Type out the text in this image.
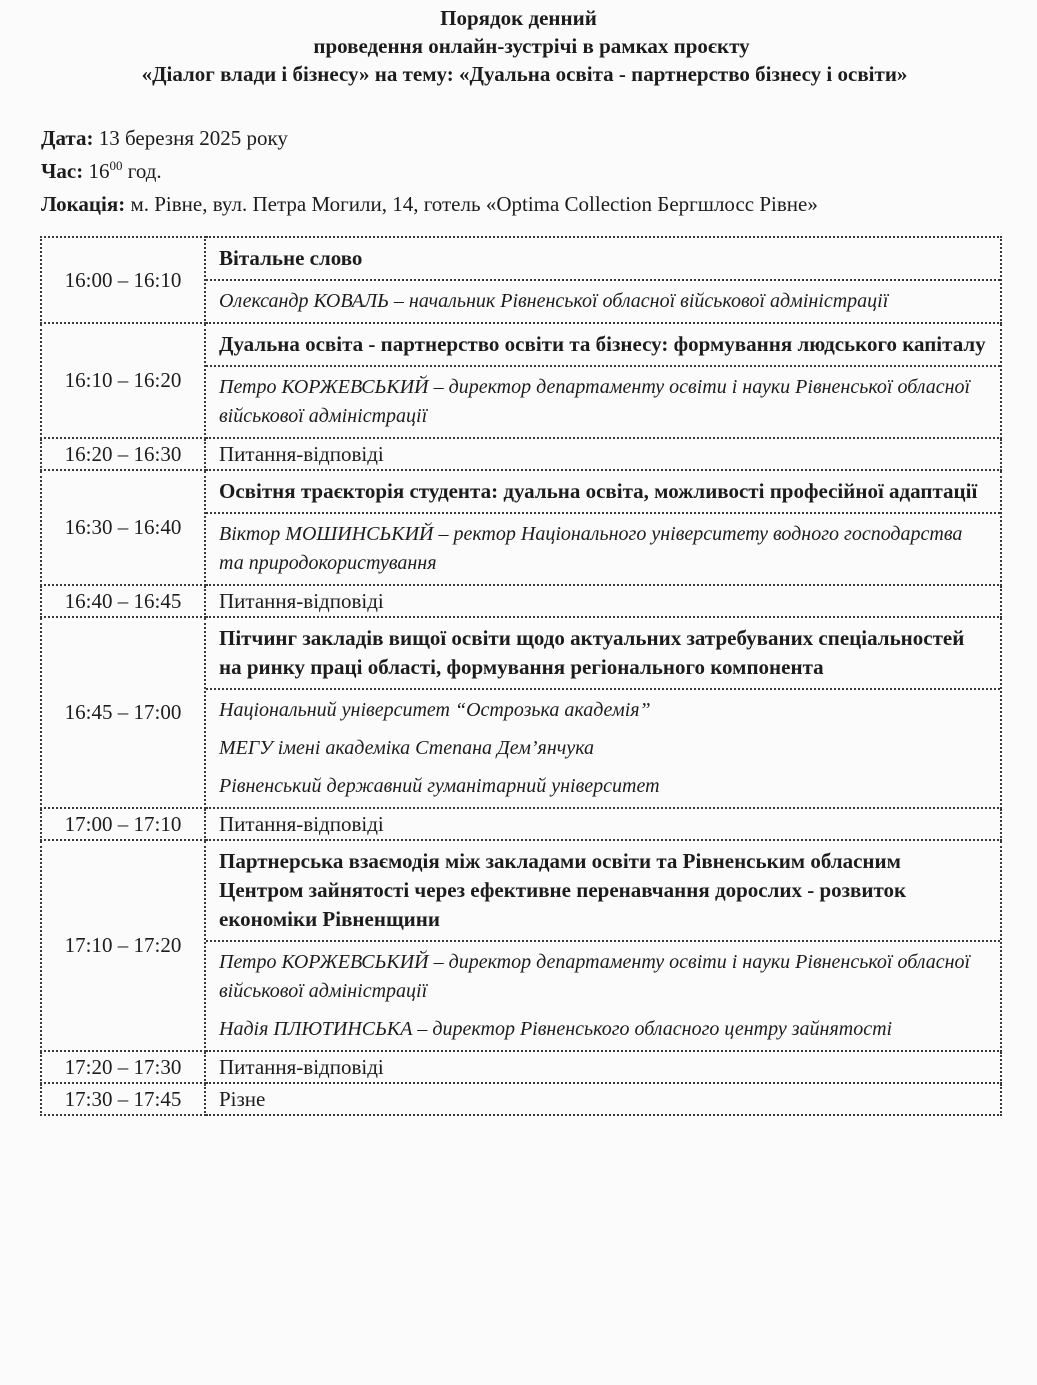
Порядок денний
проведення онлайн-зустрічі в рамках проєкту
«Діалог влади і бізнесу» на тему: «Дуальна освіта - партнерство бізнесу і освіти»
Дата: 13 березня 2025 року
Час: $16^{00}$ год.
Локація: м. Рівне, вул. Петра Могили, 14, готель «Optima Collection Бергшлосс Рівне»
16:00 – 16:10	Вітальне слово
Олександр КОВАЛЬ – начальник Рівненської обласної військової адміністрації

16:10 – 16:20	Дуальна освіта - партнерство освіти та бізнесу: формування людського капіталу
Петро КОРЖЕВСЬКИЙ – директор департаменту освіти і науки Рівненської обласної військової адміністрації

16:20 – 16:30	Питання-відповіді

16:30 – 16:40	Освітня траєкторія студента: дуальна освіта, можливості професійної адаптації
Віктор МОШИНСЬКИЙ – ректор Національного університету водного господарства та природокористування

16:40 – 16:45	Питання-відповіді

16:45 – 17:00	Пітчинг закладів вищої освіти щодо актуальних затребуваних спеціальностей на ринку праці області, формування регіонального компонента
Національний університет “Острозька академія”
МЕГУ імені академіка Степана Дем’янчука
Рівненський державний гуманітарний університет

17:00 – 17:10	Питання-відповіді

17:10 – 17:20	Партнерська взаємодія між закладами освіти та Рівненським обласним Центром зайнятості через ефективне перенавчання дорослих - розвиток економіки Рівненщини
Петро КОРЖЕВСЬКИЙ – директор департаменту освіти і науки Рівненської обласної військової адміністрації
Надія ПЛЮТИНСЬКА – директор Рівненського обласного центру зайнятості

17:20 – 17:30	Питання-відповіді

17:30 – 17:45	Різне
